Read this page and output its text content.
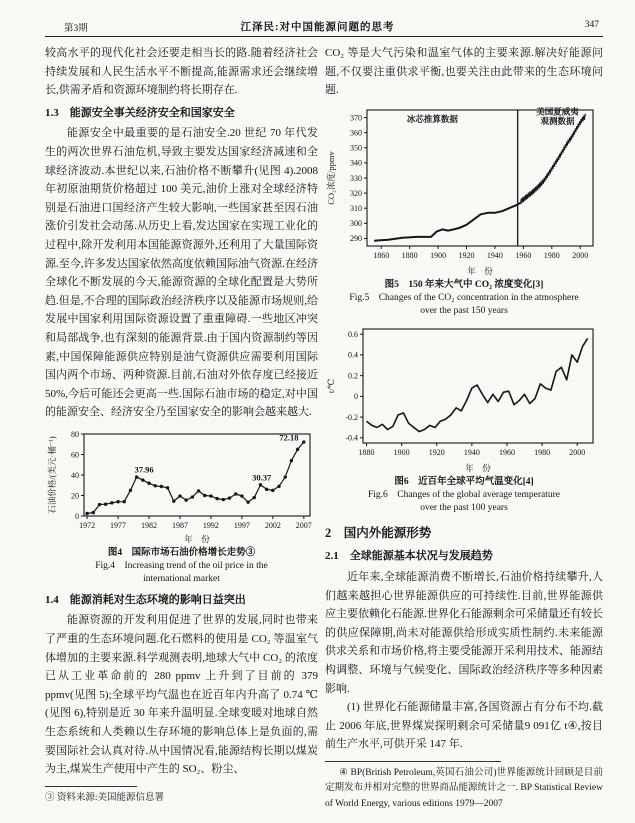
第3期	江泽民:对中国能源问题的思考	347

较高水平的现代化社会还要走相当长的路.随着经济社会持续发展和人民生活水平不断提高,能源需求还会继续增长,供需矛盾和资源环境制约将长期存在.

1.3　能源安全事关经济安全和国家安全

能源安全中最重要的是石油安全.20 世纪 70 年代发生的两次世界石油危机,导致主要发达国家经济减速和全球经济波动.本世纪以来,石油价格不断攀升(见图 4).2008 年初原油期货价格超过 100 美元,油价上涨对全球经济特别是石油进口国经济产生较大影响,一些国家甚至因石油涨价引发社会动荡.从历史上看,发达国家在实现工业化的过程中,除开发利用本国能源资源外,还利用了大量国际资源.至今,许多发达国家依然高度依赖国际油气资源.在经济全球化不断发展的今天,能源资源的全球化配置是大势所趋.但是,不合理的国际政治经济秩序以及能源市场规则,给发展中国家利用国际资源设置了重重障碍.一些地区冲突和局部战争,也有深刻的能源背景.由于国内资源制约等因素,中国保障能源供应特别是油气资源供应需要利用国际国内两个市场、两种资源.目前,石油对外依存度已经接近 50%,今后可能还会更高一些.国际石油市场的稳定,对中国的能源安全、经济安全乃至国家安全的影响会越来越大.

0
20
40
60
80
1972 1977 1982 1987 1992 1997 2002 2007
年　份
石油价格/(美元·桶⁻¹)	37.96
30.37
72.18
图4　国际市场石油价格增长走势③
Fig.4　Increasing trend of the oil price in the
international market

1.4　能源消耗对生态环境的影响日益突出

能源资源的开发利用促进了世界的发展,同时也带来了严重的生态环境问题.化石燃料的使用是 CO₂ 等温室气体增加的主要来源.科学观测表明,地球大气中 CO₂ 的浓度已从工业革命前的 280 ppmv 上升到了目前的 379 ppmv(见图 5);全球平均气温也在近百年内升高了 0.74 ℃(见图 6),特别是近 30 年来升温明显.全球变暖对地球自然生态系统和人类赖以生存环境的影响总体上是负面的,需要国际社会认真对待.从中国情况看,能源结构长期以煤炭为主,煤炭生产使用中产生的 SO₂、粉尘、

③ 资料来源:美国能源信息署

CO₂ 等是大气污染和温室气体的主要来源.解决好能源问题,不仅要注重供求平衡,也要关注由此带来的生态环境问题.

290
300
310
320
330
340
350
360
370
1860 1880 1900 1920 1940 1960 1980 2000
年　份
CO₂浓度/ppmv
冰芯推算数据
美国夏威夷
观测数据
图5　150 年来大气中 CO₂ 浓度变化[3]
Fig.5　Changes of the CO₂ concentration in the atmosphere
over the past 150 years
-0.4
-0.2
0
0.2
0.4
0.6
1880 1900 1920 1940 1960 1980 2000
年　份
t/℃
图6　近百年全球平均气温变化[4]
Fig.6　Changes of the global average temperature
over the past 100 years

2　国内外能源形势

2.1　全球能源基本状况与发展趋势

近年来,全球能源消费不断增长,石油价格持续攀升,人们越来越担心世界能源供应的可持续性.目前,世界能源供应主要依赖化石能源.世界化石能源剩余可采储量还有较长的供应保障期,尚未对能源供给形成实质性制约.未来能源供求关系和市场价格,将主要受能源开采利用技术、能源结构调整、环境与气候变化、国际政治经济秩序等多种因素影响.

(1) 世界化石能源储量丰富,各国资源占有分布不均.截止 2006 年底,世界煤炭探明剩余可采储量9 091亿 t④,按目前生产水平,可供开采 147 年.

④ BP(British Petroleum,英国石油公司)世界能源统计回顾是目前定期发布并相对完整的世界商品能源统计之一. BP Statistical Review of World Energy, various editions 1979—2007
